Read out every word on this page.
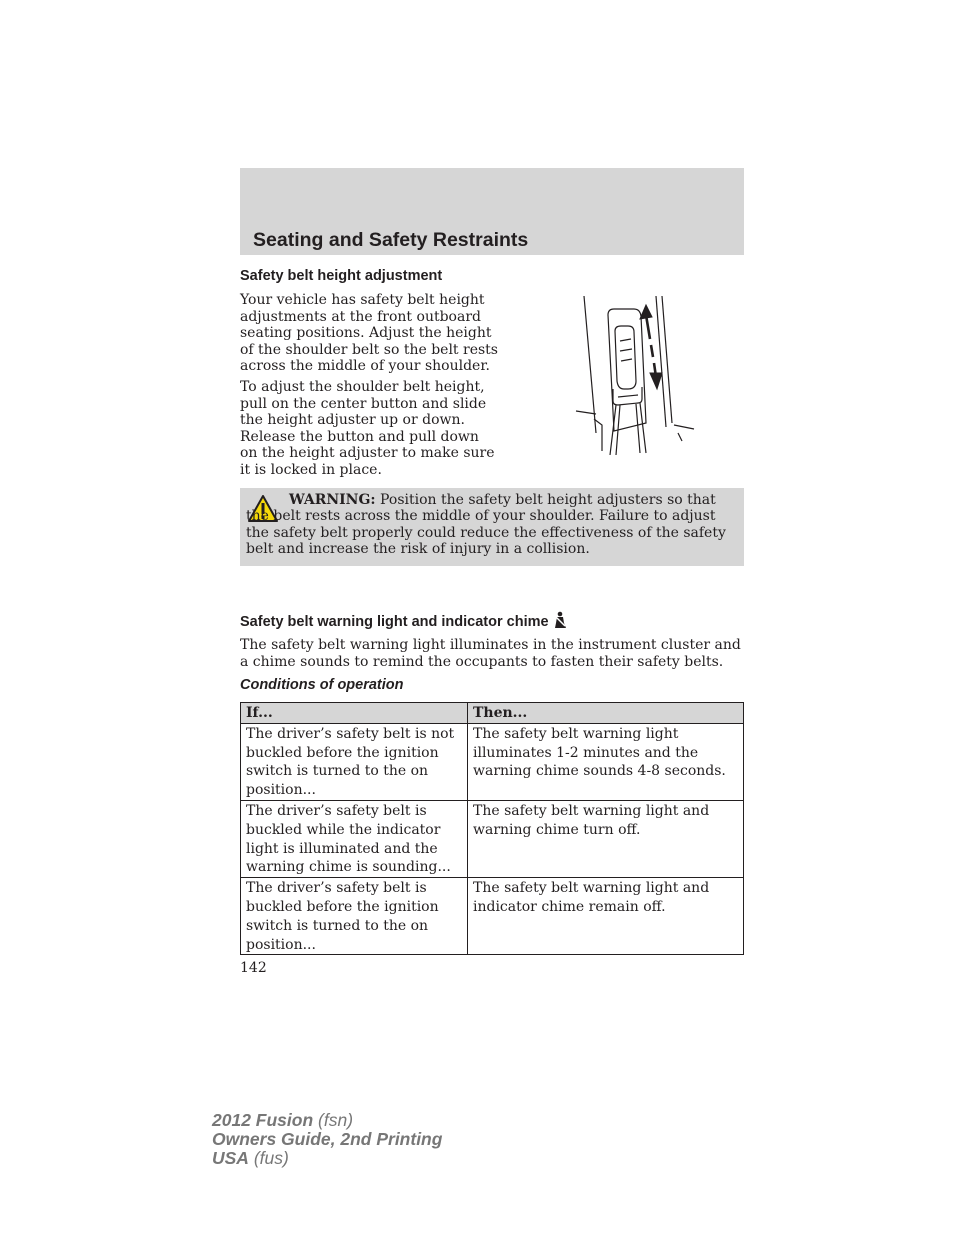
Seating and Safety Restraints
Safety belt height adjustment

Your vehicle has safety belt height adjustments at the front outboard seating positions. Adjust the height of the shoulder belt so the belt rests across the middle of your shoulder.

To adjust the shoulder belt height, pull on the center button and slide the height adjuster up or down. Release the button and pull down on the height adjuster to make sure it is locked in place.

WARNING: Position the safety belt height adjusters so that the belt rests across the middle of your shoulder. Failure to adjust the safety belt properly could reduce the effectiveness of the safety belt and increase the risk of injury in a collision.

Safety belt warning light and indicator chime

The safety belt warning light illuminates in the instrument cluster and a chime sounds to remind the occupants to fasten their safety belts.

Conditions of operation
If...	Then...
The driver’s safety belt is not buckled before the ignition switch is turned to the on position...	The safety belt warning light illuminates 1-2 minutes and the warning chime sounds 4-8 seconds.
The driver’s safety belt is buckled while the indicator light is illuminated and the warning chime is sounding...	The safety belt warning light and warning chime turn off.
The driver’s safety belt is buckled before the ignition switch is turned to the on position...	The safety belt warning light and indicator chime remain off.

142

2012 Fusion (fsn)
Owners Guide, 2nd Printing
USA (fus)
